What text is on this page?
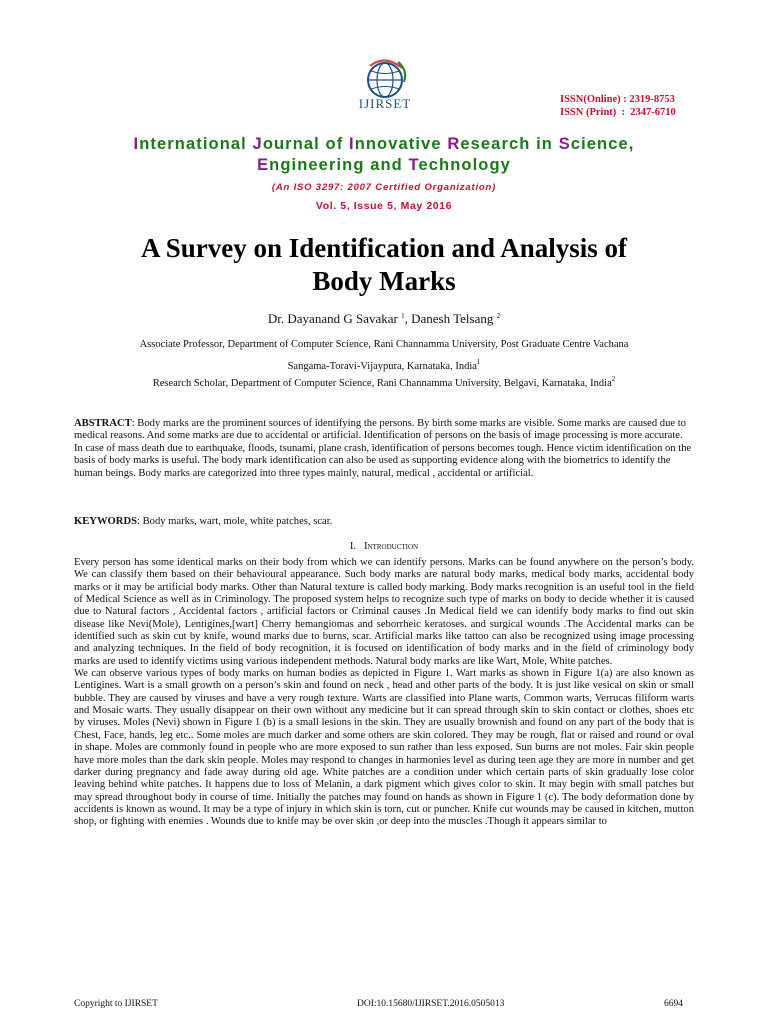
IJIRSET	ISSN(Online) : 2319-8753
ISSN (Print)  :  2347-6710
International Journal of Innovative Research in Science,
Engineering and Technology
(An ISO 3297: 2007 Certified Organization)
Vol. 5, Issue 5, May 2016
A Survey on Identification and Analysis of
Body Marks
Dr. Dayanand G Savakar $^1$, Danesh Telsang $^2$
Associate Professor, Department of Computer Science, Rani Channamma University, Post Graduate Centre Vachana
Sangama-Toravi-Vijaypura, Karnataka, India$^1$
Research Scholar, Department of Computer Science, Rani Channamma University, Belgavi, Karnataka, India$^2$
ABSTRACT: Body marks are the prominent sources of identifying the persons. By birth some marks are visible. Some marks are caused due to medical reasons. And some marks are due to accidental or artificial. Identification of persons on the basis of image processing is more accurate. In case of mass death due to earthquake, floods, tsunami, plane crash, identification of persons becomes tough. Hence victim identification on the basis of body marks is useful. The body mark identification can also be used as supporting evidence along with the biometrics to identify the human beings. Body marks are categorized into three types mainly, natural, medical , accidental or artificial.
KEYWORDS: Body marks, wart, mole, white patches, scar.
I. Introduction

Every person has some identical marks on their body from which we can identify persons. Marks can be found anywhere on the person’s body. We can classify them based on their behavioural appearance. Such body marks are natural body marks, medical body marks, accidental body marks or it may be artificial body marks. Other than Natural texture is called body marking. Body marks recognition is an useful tool in the field of Medical Science as well as in Criminology. The proposed system helps to recognize such type of marks on body to decide whether it is caused due to Natural factors , Accidental factors , artificial factors or Criminal causes .In Medical field we can identify body marks to find out skin disease like Nevi(Mole), Lentigines,[wart] Cherry hemangiomas and seborrheic keratoses. and surgical wounds .The Accidental marks can be identified such as skin cut by knife, wound marks due to burns, scar. Artificial marks like tattoo can also be recognized using image processing and analyzing techniques. In the field of body recognition, it is focused on identification of body marks and in the field of criminology body marks are used to identify victims using various independent methods. Natural body marks are like Wart, Mole, White patches.

We can observe various types of body marks on human bodies as depicted in Figure 1. Wart marks as shown in Figure 1(a) are also known as Lentigines. Wart is a small growth on a person’s skin and found on neck , head and other parts of the body. It is just like vesical on skin or small bubble. They are caused by viruses and have a very rough texture. Warts are classified into Plane warts, Common warts, Verrucas filiform warts and Mosaic warts. They usually disappear on their own without any medicine but it can spread through skin to skin contact or clothes, shoes etc by viruses. Moles (Nevi) shown in Figure 1 (b) is a small lesions in the skin. They are usually brownish and found on any part of the body that is Chest, Face, hands, leg etc.. Some moles are much darker and some others are skin colored. They may be rough, flat or raised and round or oval in shape. Moles are commonly found in people who are more exposed to sun rather than less exposed. Sun burns are not moles. Fair skin people have more moles than the dark skin people. Moles may respond to changes in harmonies level as during teen age they are more in number and get darker during pregnancy and fade away during old age. White patches are a condition under which certain parts of skin gradually lose color leaving behind white patches. It happens due to loss of Melanin, a dark pigment which gives color to skin. It may begin with small patches but may spread throughout body in course of time. Initially the patches may found on hands as shown in Figure 1 (c). The body deformation done by accidents is known as wound. It may be a type of injury in which skin is torn, cut or puncher. Knife cut wounds may be caused in kitchen, mutton shop, or fighting with enemies . Wounds due to knife may be over skin ,or deep into the muscles .Though it appears similar to

Copyright to IJIRSET	DOI:10.15680/IJIRSET.2016.0505013	6694
